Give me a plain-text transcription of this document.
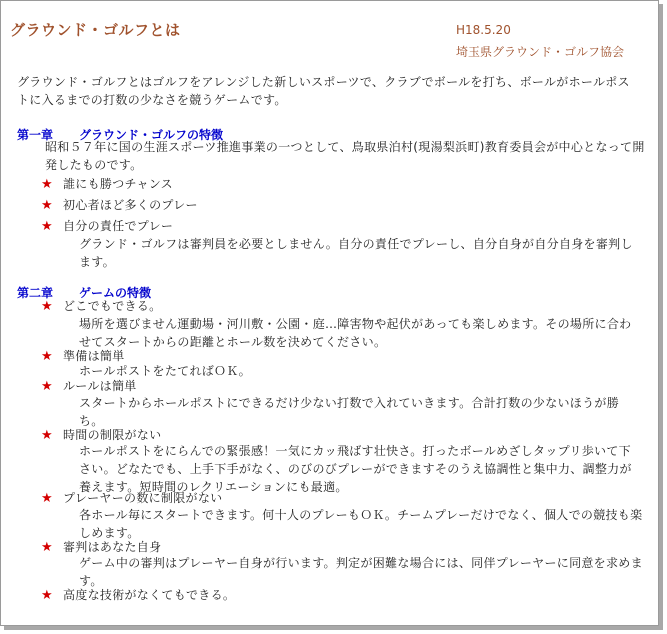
グラウンド・ゴルフとは	H18.5.20
埼玉県グラウンド・ゴルフ協会
グラウンド・ゴルフとはゴルフをアレンジした新しいスポーツで、クラブでボールを打ち、ボールがホールポストに入るまでの打数の少なさを競うゲームです。
第一章 グラウンド・ゴルフの特徴
昭和５７年に国の生涯スポーツ推進事業の一つとして、鳥取県泊村(現湯梨浜町)教育委員会が中心となって開発したものです。
★ 誰にも勝つチャンス
★ 初心者ほど多くのプレー
★ 自分の責任でプレー
グランド・ゴルフは審判員を必要としません。自分の責任でプレーし、自分自身が自分自身を審判します。
第二章 ゲームの特徴
★ どこでもできる。
場所を選びません運動場・河川敷・公園・庭…障害物や起伏があっても楽しめます。その場所に合わせてスタートからの距離とホール数を決めてください。
★ 準備は簡単
ホールポストをたてればＯＫ。
★ ルールは簡単
スタートからホールポストにできるだけ少ない打数で入れていきます。合計打数の少ないほうが勝ち。
★ 時間の制限がない
ホールポストをにらんでの緊張感！一気にカッ飛ばす壮快さ。打ったボールめざしタップリ歩いて下さい。どなたでも、上手下手がなく、のびのびプレーができますそのうえ協調性と集中力、調整力が養えます。短時間のレクリエーションにも最適。
★ プレーヤーの数に制限がない
各ホール毎にスタートできます。何十人のプレーもＯＫ。チームプレーだけでなく、個人での競技も楽しめます。
★ 審判はあなた自身
ゲーム中の審判はプレーヤー自身が行います。判定が困難な場合には、同伴プレーヤーに同意を求めます。
★ 高度な技術がなくてもできる。
